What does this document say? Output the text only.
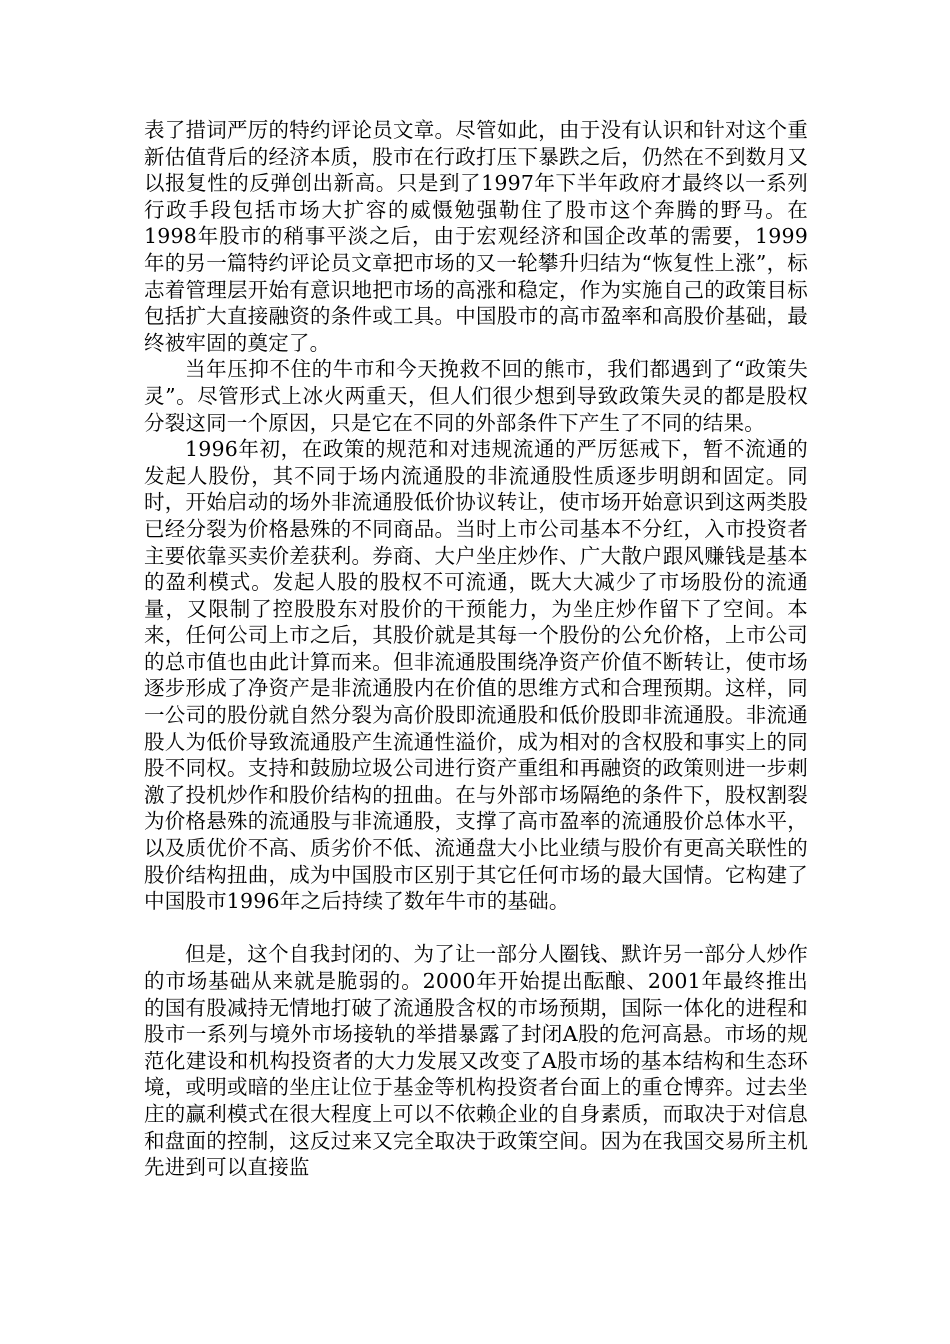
表了措词严厉的特约评论员文章。尽管如此，由于没有认识和针对这个重新估值背后的经济本质，股市在行政打压下暴跌之后，仍然在不到数月又以报复性的反弹创出新高。只是到了1997年下半年政府才最终以一系列行政手段包括市场大扩容的威慑勉强勒住了股市这个奔腾的野马。在1998年股市的稍事平淡之后，由于宏观经济和国企改革的需要，1999年的另一篇特约评论员文章把市场的又一轮攀升归结为“恢复性上涨”，标志着管理层开始有意识地把市场的高涨和稳定，作为实施自己的政策目标包括扩大直接融资的条件或工具。中国股市的高市盈率和高股价基础，最终被牢固的奠定了。

当年压抑不住的牛市和今天挽救不回的熊市，我们都遇到了“政策失灵”。尽管形式上冰火两重天，但人们很少想到导致政策失灵的都是股权分裂这同一个原因，只是它在不同的外部条件下产生了不同的结果。

1996年初，在政策的规范和对违规流通的严厉惩戒下，暂不流通的发起人股份，其不同于场内流通股的非流通股性质逐步明朗和固定。同时，开始启动的场外非流通股低价协议转让，使市场开始意识到这两类股已经分裂为价格悬殊的不同商品。当时上市公司基本不分红，入市投资者主要依靠买卖价差获利。券商、大户坐庄炒作、广大散户跟风赚钱是基本的盈利模式。发起人股的股权不可流通，既大大减少了市场股份的流通量，又限制了控股股东对股价的干预能力，为坐庄炒作留下了空间。本来，任何公司上市之后，其股价就是其每一个股份的公允价格，上市公司的总市值也由此计算而来。但非流通股围绕净资产价值不断转让，使市场逐步形成了净资产是非流通股内在价值的思维方式和合理预期。这样，同一公司的股份就自然分裂为高价股即流通股和低价股即非流通股。非流通股人为低价导致流通股产生流通性溢价，成为相对的含权股和事实上的同股不同权。支持和鼓励垃圾公司进行资产重组和再融资的政策则进一步刺激了投机炒作和股价结构的扭曲。在与外部市场隔绝的条件下，股权割裂为价格悬殊的流通股与非流通股，支撑了高市盈率的流通股价总体水平，以及质优价不高、质劣价不低、流通盘大小比业绩与股价有更高关联性的股价结构扭曲，成为中国股市区别于其它任何市场的最大国情。它构建了中国股市1996年之后持续了数年牛市的基础。

但是，这个自我封闭的、为了让一部分人圈钱、默许另一部分人炒作的市场基础从来就是脆弱的。2000年开始提出酝酿、2001年最终推出的国有股减持无情地打破了流通股含权的市场预期，国际一体化的进程和股市一系列与境外市场接轨的举措暴露了封闭A股的危河高悬。市场的规范化建设和机构投资者的大力发展又改变了A股市场的基本结构和生态环境，或明或暗的坐庄让位于基金等机构投资者台面上的重仓博弈。过去坐庄的赢利模式在很大程度上可以不依赖企业的自身素质，而取决于对信息和盘面的控制，这反过来又完全取决于政策空间。因为在我国交易所主机先进到可以直接监
